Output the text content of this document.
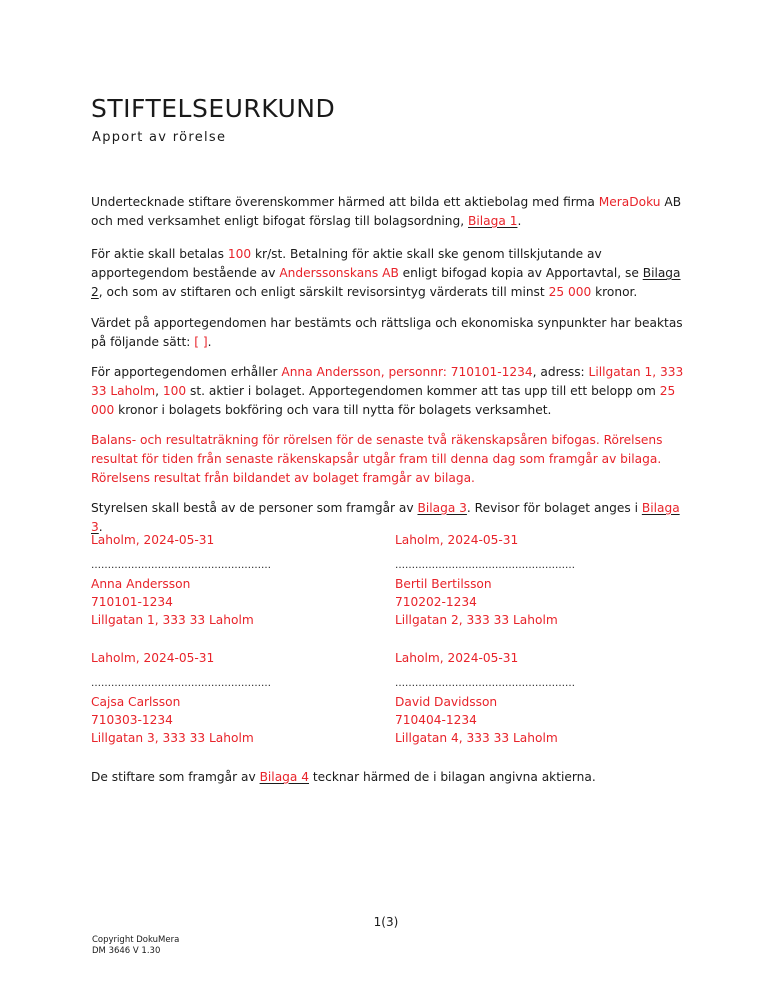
STIFTELSEURKUND
Apport av rörelse

Undertecknade stiftare överenskommer härmed att bilda ett aktiebolag med firma MeraDoku AB och med verksamhet enligt bifogat förslag till bolagsordning, Bilaga 1.

För aktie skall betalas 100 kr/st. Betalning för aktie skall ske genom tillskjutande av apportegendom bestående av Anderssonskans AB enligt bifogad kopia av Apportavtal, se Bilaga 2, och som av stiftaren och enligt särskilt revisorsintyg värderats till minst 25 000 kronor.

Värdet på apportegendomen har bestämts och rättsliga och ekonomiska synpunkter har beaktas på följande sätt: [ ].

För apportegendomen erhåller Anna Andersson, personnr: 710101-1234, adress: Lillgatan 1, 333 33 Laholm, 100 st. aktier i bolaget. Apportegendomen kommer att tas upp till ett belopp om 25 000 kronor i bolagets bokföring och vara till nytta för bolagets verksamhet.

Balans- och resultaträkning för rörelsen för de senaste två räkenskapsåren bifogas. Rörelsens resultat för tiden från senaste räkenskapsår utgår fram till denna dag som framgår av bilaga. Rörelsens resultat från bildandet av bolaget framgår av bilaga.

Styrelsen skall bestå av de personer som framgår av Bilaga 3. Revisor för bolaget anges i Bilaga 3.

Laholm, 2024-05-31
………………………………………………
Anna Andersson
710101-1234
Lillgatan 1, 333 33 Laholm
Laholm, 2024-05-31
………………………………………………
Bertil Bertilsson
710202-1234
Lillgatan 2, 333 33 Laholm
Laholm, 2024-05-31
………………………………………………
Cajsa Carlsson
710303-1234
Lillgatan 3, 333 33 Laholm
Laholm, 2024-05-31
………………………………………………
David Davidsson
710404-1234
Lillgatan 4, 333 33 Laholm

De stiftare som framgår av Bilaga 4 tecknar härmed de i bilagan angivna aktierna.

1(3)
Copyright DokuMera
DM 3646 V 1.30
